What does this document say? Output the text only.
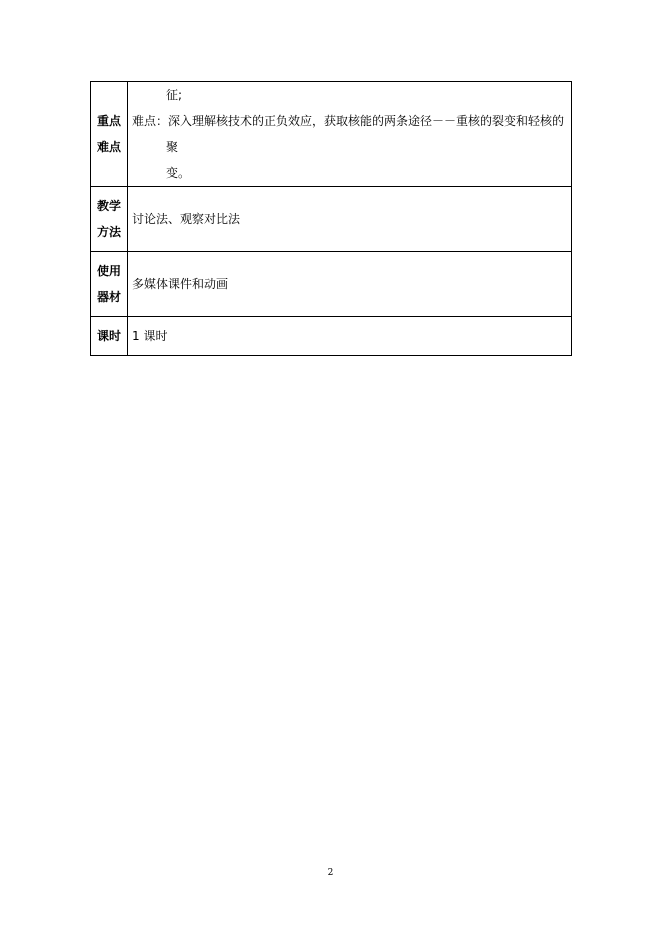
重点
难点	征;
难点：深入理解核技术的正负效应，获取核能的两条途径－－重核的裂变和轻核的聚
变。

教学
方法	讨论法、观察对比法

使用
器材	多媒体课件和动画
课时	1 课时
2
